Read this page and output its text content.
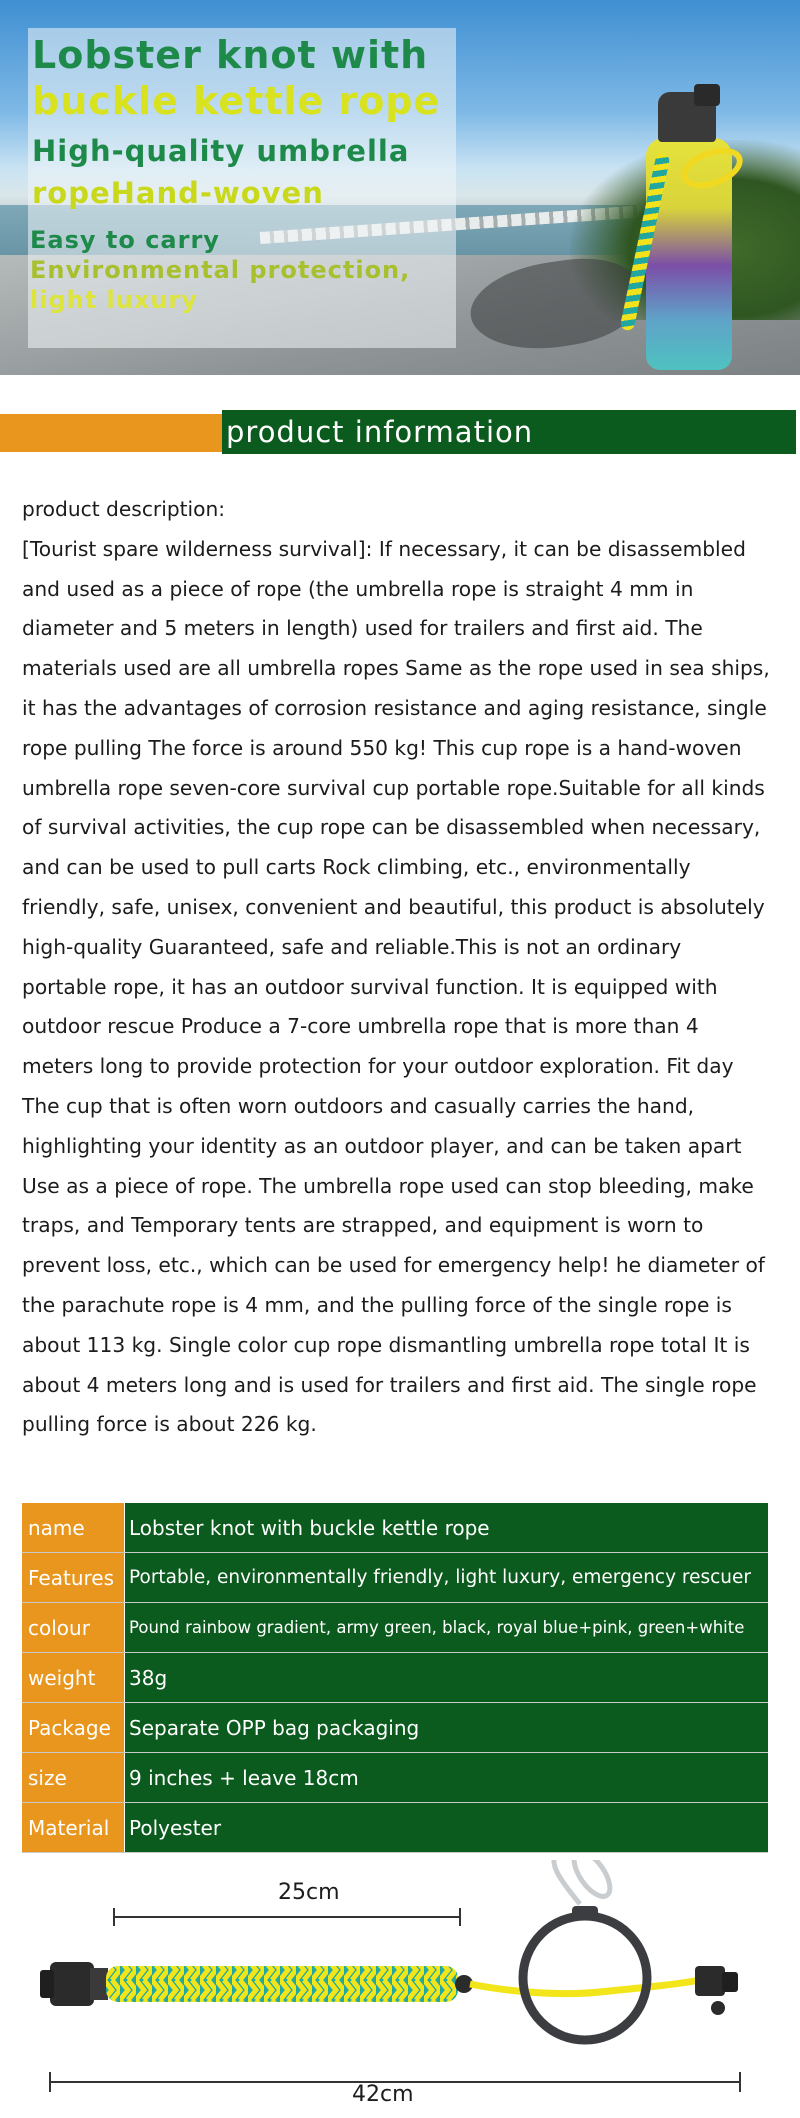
Lobster knot with
buckle kettle rope
High-quality umbrella
ropeHand-woven
Easy to carry
Environmental protection,
light luxury
product information

product description:

[Tourist spare wilderness survival]: If necessary, it can be disassembled and used as a piece of rope (the umbrella rope is straight 4 mm in diameter and 5 meters in length) used for trailers and first aid. The materials used are all umbrella ropes Same as the rope used in sea ships, it has the advantages of corrosion resistance and aging resistance, single rope pulling The force is around 550 kg! This cup rope is a hand-woven umbrella rope seven-core survival cup portable rope.Suitable for all kinds of survival activities, the cup rope can be disassembled when necessary, and can be used to pull carts Rock climbing, etc., environmentally friendly, safe, unisex, convenient and beautiful, this product is absolutely high-quality Guaranteed, safe and reliable.This is not an ordinary portable rope, it has an outdoor survival function. It is equipped with outdoor rescue Produce a 7-core umbrella rope that is more than 4 meters long to provide protection for your outdoor exploration. Fit day The cup that is often worn outdoors and casually carries the hand, highlighting your identity as an outdoor player, and can be taken apart Use as a piece of rope. The umbrella rope used can stop bleeding, make traps, and Temporary tents are strapped, and equipment is worn to prevent loss, etc., which can be used for emergency help! he diameter of the parachute rope is 4 mm, and the pulling force of the single rope is about 113 kg. Single color cup rope dismantling umbrella rope total It is about 4 meters long and is used for trailers and first aid. The single rope pulling force is about 226 kg.

name	Lobster knot with buckle kettle rope
Features Portable, environmentally friendly, light luxury, emergency rescuer
colour	Pound rainbow gradient, army green, black, royal blue+pink, green+white
weight	38g
Package Separate OPP bag packaging
size	9 inches + leave 18cm
Material Polyester
25cm
42cm
